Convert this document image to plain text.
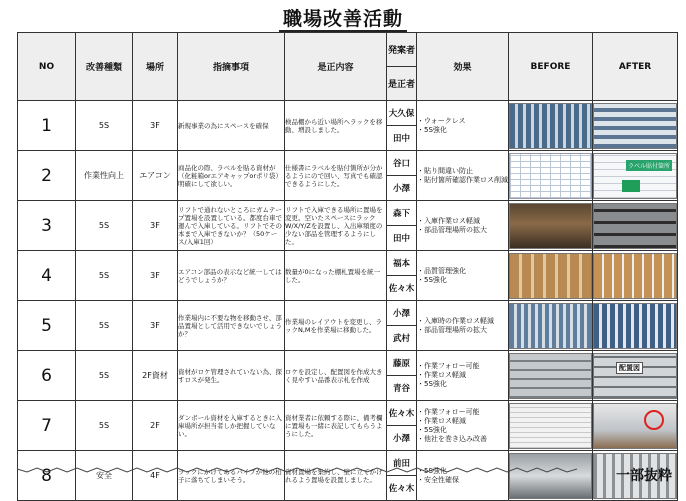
職場改善活動
NO	改善種類	場所	指摘事項	是正内容	発案者	効果	BEFORE	AFTER
					是正者			
1	5S	3F	新規事業の為にスペースを確保	検品棚から近い場所へラックを移動、増設しました。	大久保	・ウォークレス
・5S強化		

					田中			
2	作業性向上	エアコン	商品化の際、ラベルを貼る資材が（化粧箱orエアキャップorポリ袋）明確にして欲しい。	仕様書にラベルを貼付箇所が分かるようにので回い、写真でも確認できるようにした。	谷口	・貼り間違い防止
・貼付箇所確認作業ロス削減		ラベル貼付箇所

					小澤			
3	5S	3F	リフトで通れないところにガムテープ置場を設置している。都度台車で運んで入庫している。リフトでその本まで入庫できないか？（50ケース/入庫1回）	リフトで入庫できる場所に置場を変更。空いたスペースにラックW/X/Y/Zを設置し、入出庫頻度の少ない部品を管理するようにした。	森下	・入庫作業ロス軽減
・部品管理場所の拡大		

					田中			
4	5S	3F	エアコン部品の表示など統一してはどうでしょうか？	数量が0になった棚札置場を統一した。	福本	・品質管理強化
・5S強化		

					佐々木			
5	5S	3F	作業場内に不要な物を移動させ、部品置場として活用できないでしょうか？	作業場のレイアウトを変更し、ラックN,Mを作業場に移動した。	小澤	・入庫時の作業ロス軽減
・部品管理場所の拡大		

					武村			
6	5S	2F資材	資材がロケ管理されていない為、探すロスが発生。	ロケを設定し、配置図を作成大きく見やすい品番表示札を作成	藤原	・作業フォロー可能
・作業ロス軽減
・5S強化		配置図

					青谷			
7	5S	2F	ダンボール資材を入庫するときに入庫場所が担当者しか把握していない。	資材業者に依頼する際に、備考欄に置場も一緒に表記してもらうようにした。	佐々木	・作業フォロー可能
・作業ロス軽減
・5S強化
・他社を巻き込み改善		

					小澤			
8	安全	4F	ラックにかけてあるパイプが他の柏子に落ちてしまいそう。	資材置場を集約し、壁に立てかけれるよう置場を設置しました。	前田	・5S強化
・安全性確保		

					佐々木			
一部抜粋
